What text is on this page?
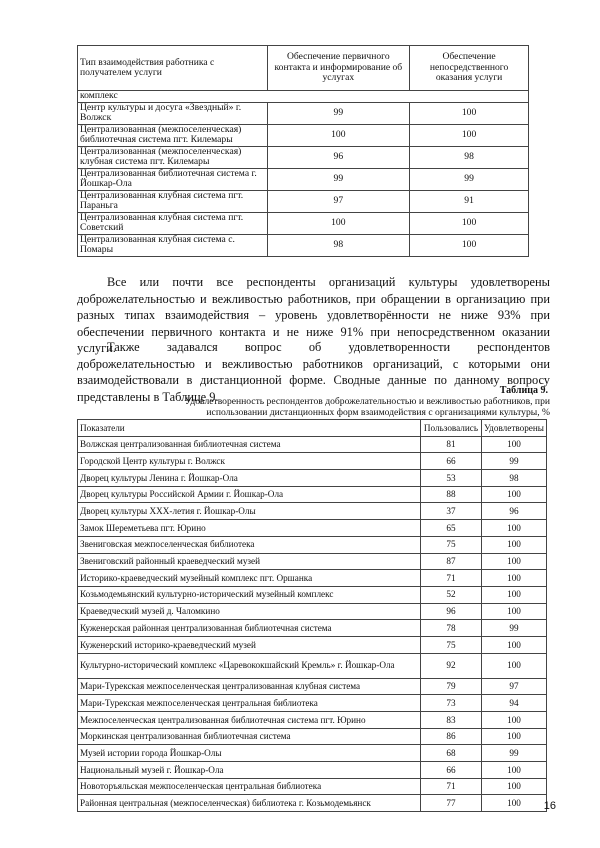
Тип взаимодействия работника с получателем услуги	Обеспечение первичного контакта и информирование об услугах	Обеспечение непосредственного оказания услуги
комплекс		
Центр культуры и досуга «Звездный» г. Волжск	99	100
Централизованная (межпоселенческая) библиотечная система пгт. Килемары	100	100
Централизованная (межпоселенческая) клубная система пгт. Килемары	96	98
Централизованная библиотечная система г. Йошкар-Ола	99	99
Централизованная клубная система пгт. Параньга	97	91
Централизованная клубная система пгт. Советский	100	100
Централизованная клубная система с. Помары	98	100

Все или почти все респонденты организаций культуры удовлетворены доброжелательностью и вежливостью работников, при обращении в организацию при разных типах взаимодействия – уровень удовлетворённости не ниже 93% при обеспечении первичного контакта и не ниже 91% при непосредственном оказании услуги.

Также задавался вопрос об удовлетворенности респондентов доброжелательностью и вежливостью работников организаций, с которыми они взаимодействовали в дистанционной форме. Сводные данные по данному вопросу представлены в Таблице 9.	Таблица 9.
Удовлетворенность респондентов доброжелательностью и вежливостью работников, при использовании дистанционных форм взаимодействия с организациями культуры, %
Показатели	Пользовались	Удовлетворены
Волжская централизованная библиотечная система	81	100
Городской Центр культуры г. Волжск	66	99
Дворец культуры Ленина г. Йошкар-Ола	53	98
Дворец культуры Российской Армии г. Йошкар-Ола	88	100
Дворец культуры XXX-летия г. Йошкар-Олы	37	96
Замок Шереметьева пгт. Юрино	65	100
Звениговская межпоселенческая библиотека	75	100
Звениговский районный краеведческий музей	87	100
Историко-краеведческий музейный комплекс пгт. Оршанка	71	100
Козьмодемьянский культурно-исторический музейный комплекс	52	100
Краеведческий музей д. Чаломкино	96	100
Куженерская районная централизованная библиотечная система	78	99
Куженерский историко-краеведческий музей	75	100
Культурно-исторический комплекс «Царевококшайский Кремль» г. Йошкар-Ола	92	100
Мари-Турекская межпоселенческая централизованная клубная система	79	97
Мари-Турекская межпоселенческая центральная библиотека	73	94
Межпоселенческая централизованная библиотечная система пгт. Юрино	83	100
Моркинская централизованная библиотечная система	86	100
Музей истории города Йошкар-Олы	68	99
Национальный музей г. Йошкар-Ола	66	100
Новоторъяльская межпоселенческая центральная библиотека	71	100
Районная центральная (межпоселенческая) библиотека г. Козьмодемьянск	77	100 16
